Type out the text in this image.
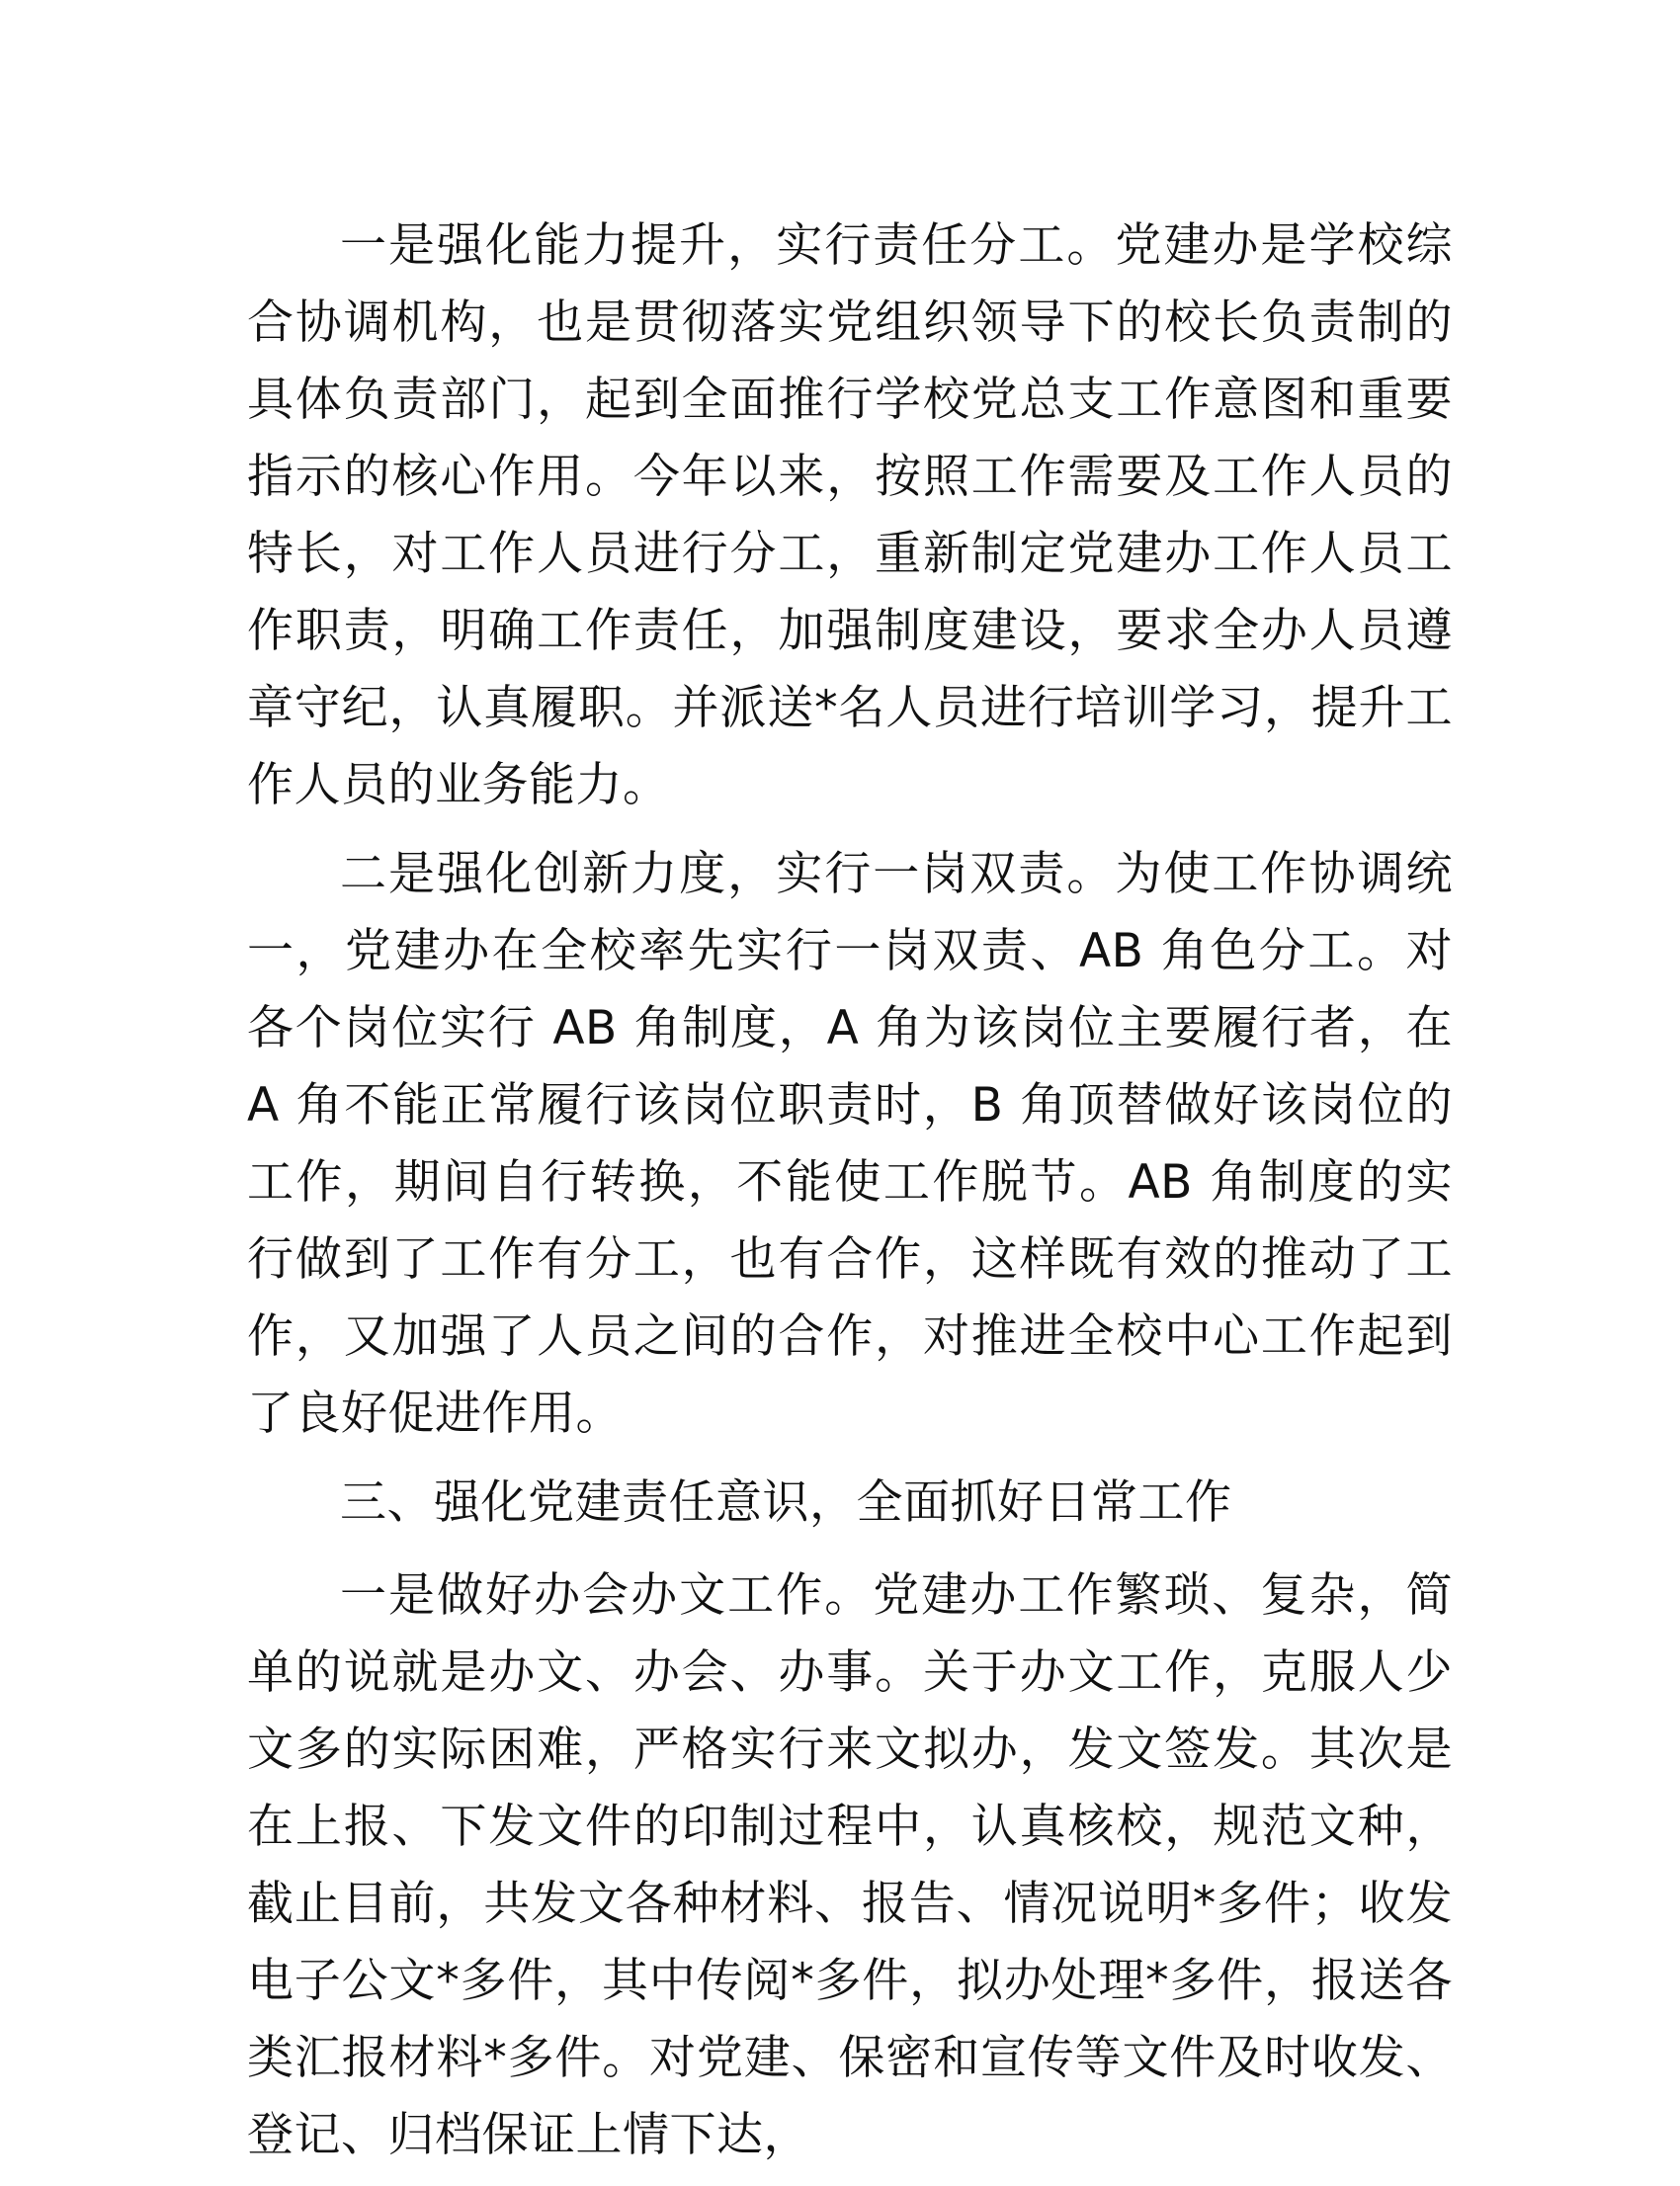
一是强化能力提升，实行责任分工。党建办是学校综合协调机构，也是贯彻落实党组织领导下的校长负责制的具体负责部门，起到全面推行学校党总支工作意图和重要指示的核心作用。今年以来，按照工作需要及工作人员的特长，对工作人员进行分工，重新制定党建办工作人员工作职责，明确工作责任，加强制度建设，要求全办人员遵章守纪，认真履职。并派送*名人员进行培训学习，提升工作人员的业务能力。

二是强化创新力度，实行一岗双责。为使工作协调统一，党建办在全校率先实行一岗双责、AB 角色分工。对各个岗位实行 AB 角制度，A 角为该岗位主要履行者，在 A 角不能正常履行该岗位职责时，B 角顶替做好该岗位的工作，期间自行转换，不能使工作脱节。AB 角制度的实行做到了工作有分工，也有合作，这样既有效的推动了工作，又加强了人员之间的合作，对推进全校中心工作起到了良好促进作用。

三、强化党建责任意识，全面抓好日常工作

一是做好办会办文工作。党建办工作繁琐、复杂，简单的说就是办文、办会、办事。关于办文工作，克服人少文多的实际困难，严格实行来文拟办，发文签发。其次是在上报、下发文件的印制过程中，认真核校，规范文种，截止目前，共发文各种材料、报告、情况说明*多件；收发电子公文*多件，其中传阅*多件，拟办处理*多件，报送各类汇报材料*多件。对党建、保密和宣传等文件及时收发、登记、归档保证上情下达，
